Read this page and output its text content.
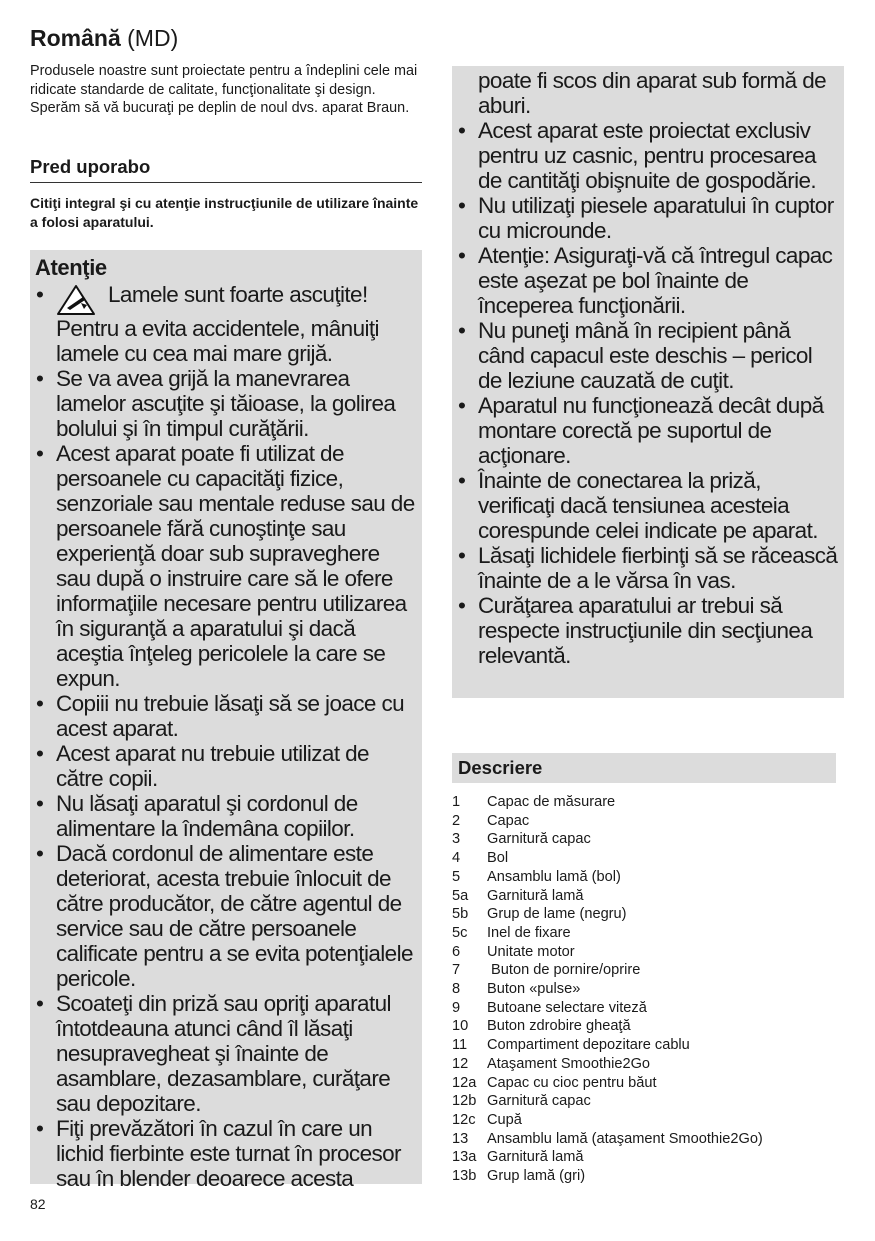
Română (MD)
Produsele noastre sunt proiectate pentru a îndeplini cele mai ridicate standarde de calitate, funcţionalitate şi design. Sperăm să vă bucuraţi pe deplin de noul dvs. aparat Braun.
Pred uporabo
Citiţi integral şi cu atenţie instrucţiunile de utilizare înainte a folosi aparatului.
Atenţie
•	Lamele sunt foarte ascuţite! Pentru a evita accidentele, mânuiţi lamele cu cea mai mare grijă.
• Se va avea grijă la manevrarea lamelor ascuţite şi tăioase, la golirea bolului şi în timpul curăţării.
• Acest aparat poate fi utilizat de persoanele cu capacităţi fizice, senzoriale sau mentale reduse sau de persoanele fără cunoştinţe sau experienţă doar sub supraveghere sau după o instruire care să le ofere informaţiile necesare pentru utilizarea în siguranţă a aparatului şi dacă aceştia înţeleg pericolele la care se expun.
• Copiii nu trebuie lăsaţi să se joace cu acest aparat.
• Acest aparat nu trebuie utilizat de către copii.
• Nu lăsaţi aparatul şi cordonul de alimentare la îndemâna copiilor.
• Dacă cordonul de alimentare este deteriorat, acesta trebuie înlocuit de către producător, de către agentul de service sau de către persoanele calificate pentru a se evita potenţialele pericole.
• Scoateţi din priză sau opriţi aparatul întotdeauna atunci când îl lăsaţi nesupravegheat şi înainte de asamblare, dezasamblare, curăţare sau depozitare.
• Fiţi prevăzători în cazul în care un lichid fierbinte este turnat în procesor sau în blender deoarece acesta
poate fi scos din aparat sub formă de aburi.
• Acest aparat este proiectat exclusiv pentru uz casnic, pentru procesarea de cantităţi obişnuite de gospodărie.
• Nu utilizaţi piesele aparatului în cuptor cu microunde.
• Atenţie: Asiguraţi-vă că întregul capac este aşezat pe bol înainte de începerea funcţionării.
• Nu puneţi mână în recipient până când capacul este deschis – pericol de leziune cauzată de cuţit.
• Aparatul nu funcţionează decât după montare corectă pe suportul de acţionare.
• Înainte de conectarea la priză, verificaţi dacă tensiunea acesteia corespunde celei indicate pe aparat.
• Lăsaţi lichidele fierbinţi să se răcească înainte de a le vărsa în vas.
• Curăţarea aparatului ar trebui să respecte instrucţiunile din secţiunea relevantă.
Descriere
1	Capac de măsurare
2	Capac
3	Garnitură capac
4	Bol
5	Ansamblu lamă (bol)
5a	Garnitură lamă
5b	Grup de lame (negru)
5c	Inel de fixare
6	Unitate motor
7	Buton de pornire/oprire
8	Buton «pulse»
9	Butoane selectare viteză
10	Buton zdrobire gheaţă
11	Compartiment depozitare cablu
12	Ataşament Smoothie2Go
12a Capac cu cioc pentru băut
12b Garnitură capac
12c Cupă
13	Ansamblu lamă (ataşament Smoothie2Go)
13a Garnitură lamă
13b Grup lamă (gri)
82
